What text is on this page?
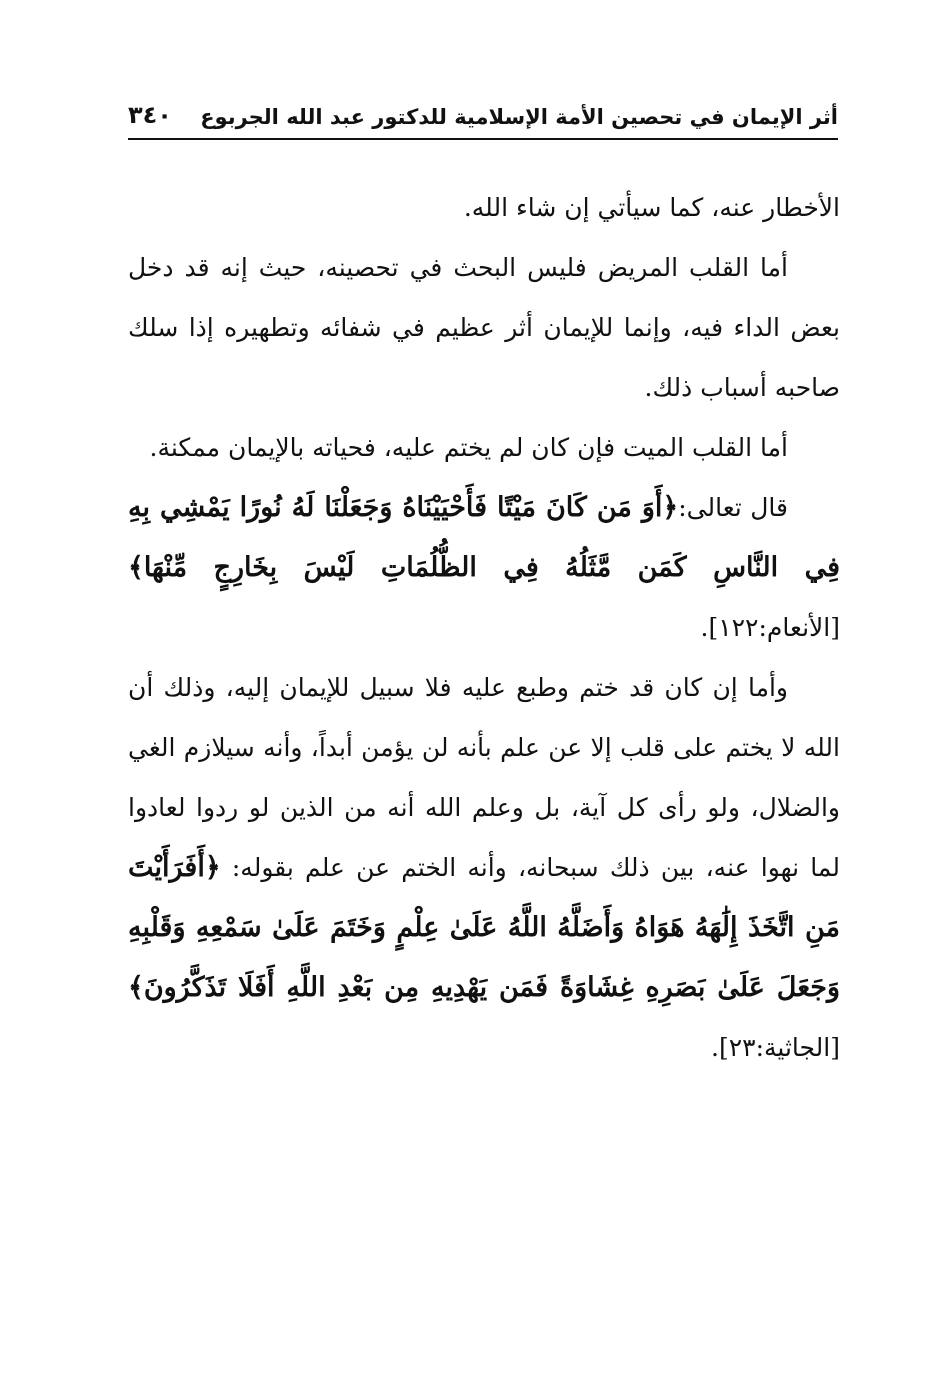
أثر الإيمان في تحصين الأمة الإسلامية للدكتور عبد الله الجربوع
٣٤٠

الأخطار عنه، كما سيأتي إن شاء الله.

أما القلب المريض فليس البحث في تحصينه، حيث إنه قد دخل بعض الداء فيه، وإنما للإيمان أثر عظيم في شفائه وتطهيره إذا سلك صاحبه أسباب ذلك.

أما القلب الميت فإن كان لم يختم عليه، فحياته بالإيمان ممكنة.

قال تعالى:﴿أَوَ مَن كَانَ مَيْتًا فَأَحْيَيْنَاهُ وَجَعَلْنَا لَهُ نُورًا يَمْشِي بِهِ فِي النَّاسِ كَمَن مَّثَلُهُ فِي الظُّلُمَاتِ لَيْسَ بِخَارِجٍ مِّنْهَا﴾[الأنعام:١٢٢].

وأما إن كان قد ختم وطبع عليه فلا سبيل للإيمان إليه، وذلك أن الله لا يختم على قلب إلا عن علم بأنه لن يؤمن أبداً، وأنه سيلازم الغي والضلال، ولو رأى كل آية، بل وعلم الله أنه من الذين لو ردوا لعادوا لما نهوا عنه، بين ذلك سبحانه، وأنه الختم عن علم بقوله: ﴿أَفَرَأَيْتَ مَنِ اتَّخَذَ إِلَٰهَهُ هَوَاهُ وَأَضَلَّهُ اللَّهُ عَلَىٰ عِلْمٍ وَخَتَمَ عَلَىٰ سَمْعِهِ وَقَلْبِهِ وَجَعَلَ عَلَىٰ بَصَرِهِ غِشَاوَةً فَمَن يَهْدِيهِ مِن بَعْدِ اللَّهِ أَفَلَا تَذَكَّرُونَ﴾[الجاثية:٢٣].
